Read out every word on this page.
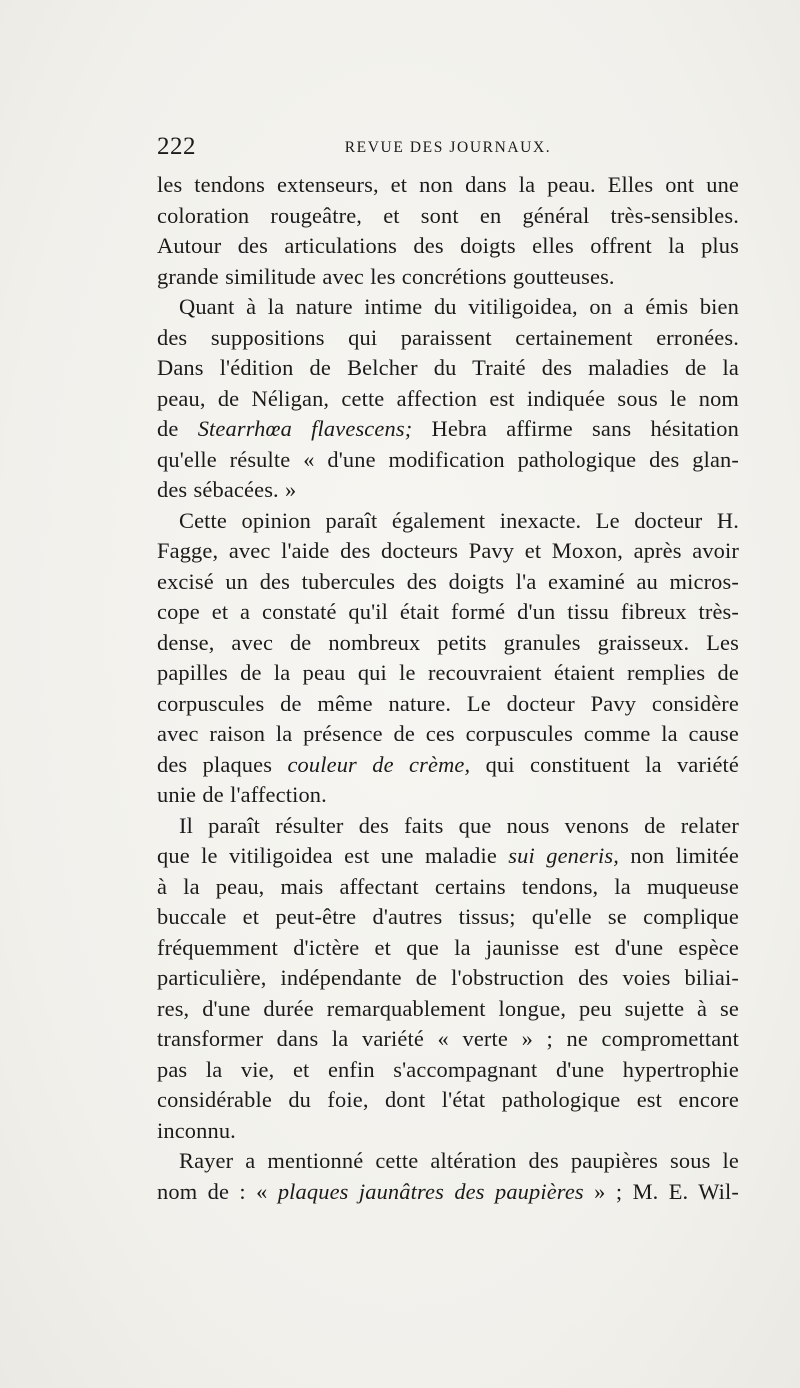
222	REVUE DES JOURNAUX.
les tendons extenseurs, et non dans la peau. Elles ont une
coloration rougeâtre, et sont en général très-sensibles.
Autour des articulations des doigts elles offrent la plus
grande similitude avec les concrétions goutteuses.
Quant à la nature intime du vitiligoidea, on a émis bien
des suppositions qui paraissent certainement erronées.
Dans l'édition de Belcher du Traité des maladies de la
peau, de Néligan, cette affection est indiquée sous le nom
de Stearrhœa flavescens; Hebra affirme sans hésitation
qu'elle résulte « d'une modification pathologique des glan-
des sébacées. »
Cette opinion paraît également inexacte. Le docteur H.
Fagge, avec l'aide des docteurs Pavy et Moxon, après avoir
excisé un des tubercules des doigts l'a examiné au micros-
cope et a constaté qu'il était formé d'un tissu fibreux très-
dense, avec de nombreux petits granules graisseux. Les
papilles de la peau qui le recouvraient étaient remplies de
corpuscules de même nature. Le docteur Pavy considère
avec raison la présence de ces corpuscules comme la cause
des plaques couleur de crème, qui constituent la variété
unie de l'affection.
Il paraît résulter des faits que nous venons de relater
que le vitiligoidea est une maladie sui generis, non limitée
à la peau, mais affectant certains tendons, la muqueuse
buccale et peut-être d'autres tissus; qu'elle se complique
fréquemment d'ictère et que la jaunisse est d'une espèce
particulière, indépendante de l'obstruction des voies biliai-
res, d'une durée remarquablement longue, peu sujette à se
transformer dans la variété « verte » ; ne compromettant
pas la vie, et enfin s'accompagnant d'une hypertrophie
considérable du foie, dont l'état pathologique est encore
inconnu.
Rayer a mentionné cette altération des paupières sous le
nom de : « plaques jaunâtres des paupières » ; M. E. Wil-
